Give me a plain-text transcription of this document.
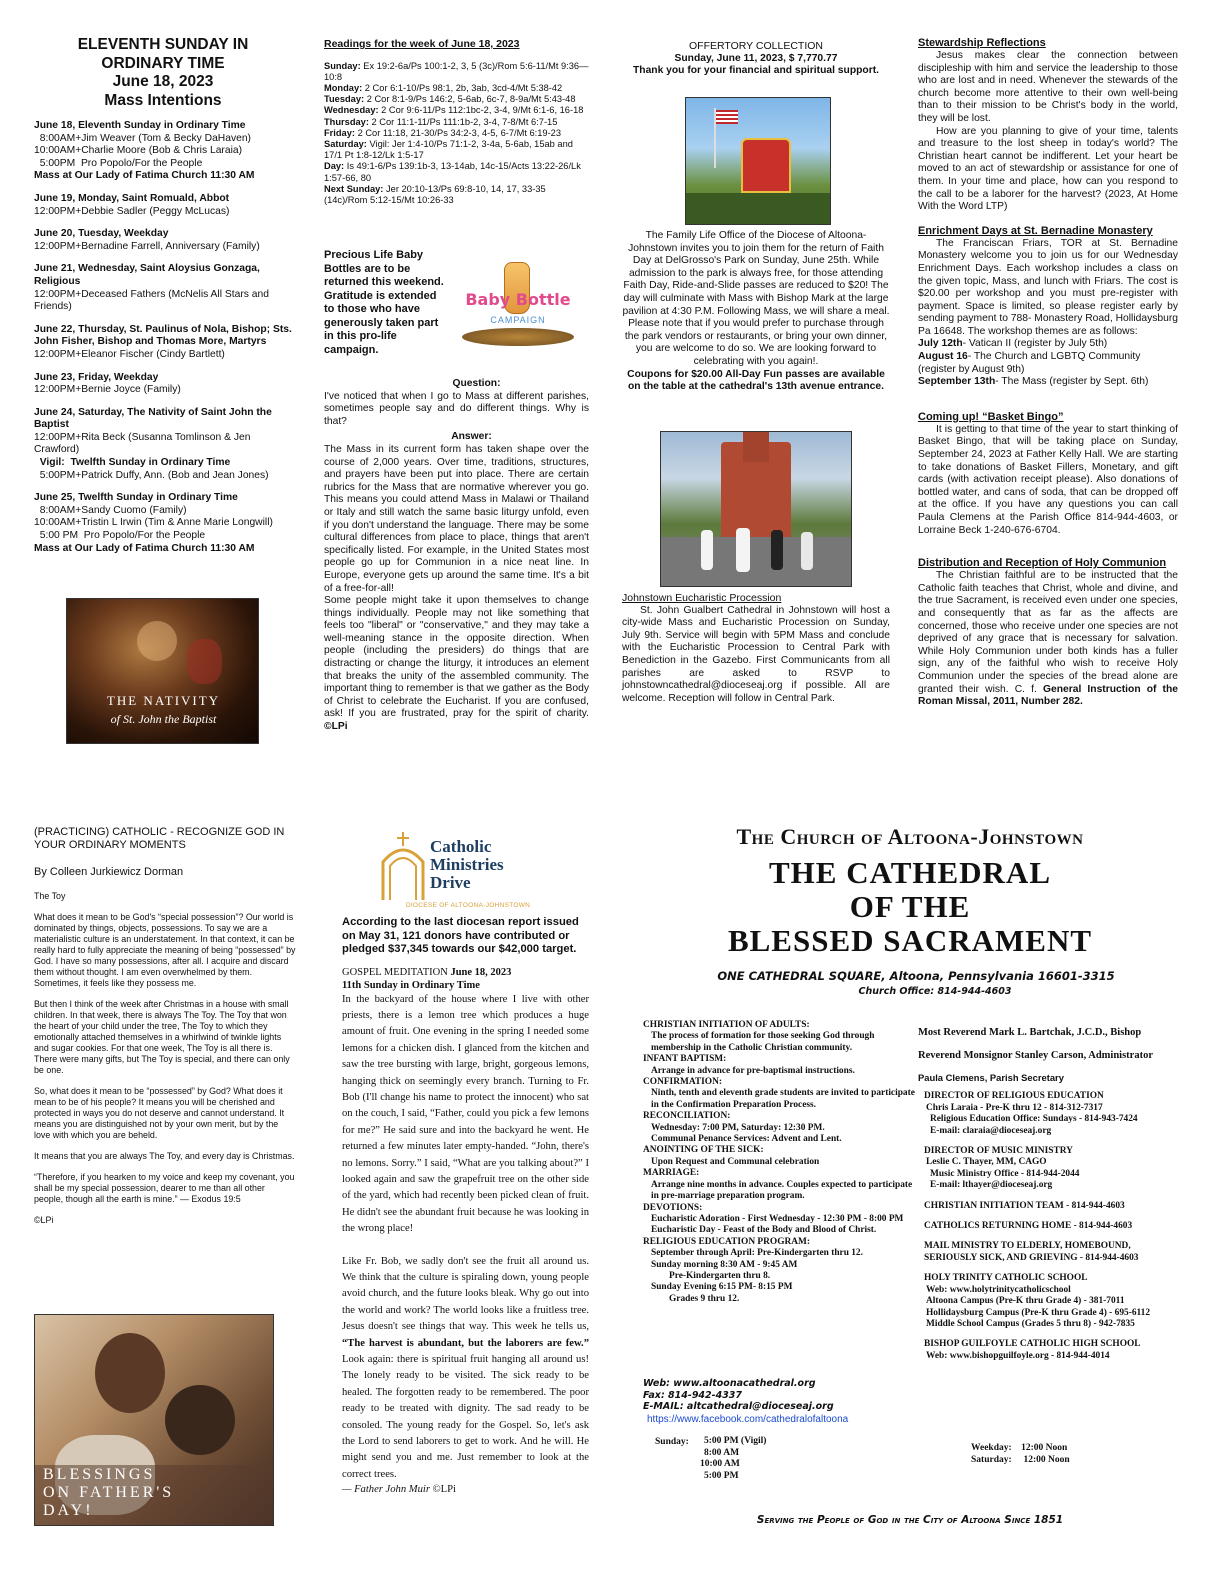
ELEVENTH SUNDAY IN
ORDINARY TIME
June 18, 2023
Mass Intentions
June 18, Eleventh Sunday in Ordinary Time
8:00AM+Jim Weaver (Tom & Becky DaHaven)
10:00AM+Charlie Moore (Bob & Chris Laraia)
5:00PM  Pro Popolo/For the People
Mass at Our Lady of Fatima Church 11:30 AM
June 19, Monday, Saint Romuald, Abbot
12:00PM+Debbie Sadler (Peggy McLucas)
June 20, Tuesday, Weekday
12:00PM+Bernadine Farrell, Anniversary (Family)
June 21, Wednesday, Saint Aloysius Gonzaga, Religious
12:00PM+Deceased Fathers (McNelis All Stars and Friends)
June 22, Thursday, St. Paulinus of Nola, Bishop; Sts. John Fisher, Bishop and Thomas More, Martyrs
12:00PM+Eleanor Fischer (Cindy Bartlett)
June 23, Friday, Weekday
12:00PM+Bernie Joyce (Family)
June 24, Saturday, The Nativity of Saint John the Baptist
12:00PM+Rita Beck (Susanna Tomlinson & Jen Crawford)
Vigil:  Twelfth Sunday in Ordinary Time
5:00PM+Patrick Duffy, Ann. (Bob and Jean Jones)
June 25, Twelfth Sunday in Ordinary Time
8:00AM+Sandy Cuomo (Family)
10:00AM+Tristin L Irwin (Tim & Anne Marie Longwill)
5:00 PM  Pro Popolo/For the People
Mass at Our Lady of Fatima Church 11:30 AM
THE NATIVITY
of St. John the Baptist
Readings for the week of June 18, 2023
Sunday: Ex 19:2-6a/Ps 100:1-2, 3, 5 (3c)/Rom 5:6-11/Mt 9:36—10:8
Monday: 2 Cor 6:1-10/Ps 98:1, 2b, 3ab, 3cd-4/Mt 5:38-42
Tuesday: 2 Cor 8:1-9/Ps 146:2, 5-6ab, 6c-7, 8-9a/Mt 5:43-48
Wednesday: 2 Cor 9:6-11/Ps 112:1bc-2, 3-4, 9/Mt 6:1-6, 16-18
Thursday: 2 Cor 11:1-11/Ps 111:1b-2, 3-4, 7-8/Mt 6:7-15
Friday: 2 Cor 11:18, 21-30/Ps 34:2-3, 4-5, 6-7/Mt 6:19-23
Saturday: Vigil: Jer 1:4-10/Ps 71:1-2, 3-4a, 5-6ab, 15ab and 17/1 Pt 1:8-12/Lk 1:5-17
Day: Is 49:1-6/Ps 139:1b-3, 13-14ab, 14c-15/Acts 13:22-26/Lk 1:57-66, 80
Next Sunday: Jer 20:10-13/Ps 69:8-10, 14, 17, 33-35 (14c)/Rom 5:12-15/Mt 10:26-33
Precious Life Baby Bottles are to be returned this weekend. Gratitude is extended to those who have generously taken part in this pro-life campaign.
Baby Bottle
CAMPAIGN
Question:
I've noticed that when I go to Mass at different parishes, sometimes people say and do different things. Why is that?
Answer:
The Mass in its current form has taken shape over the course of 2,000 years. Over time, traditions, structures, and prayers have been put into place. There are certain rubrics for the Mass that are normative wherever you go. This means you could attend Mass in Malawi or Thailand or Italy and still watch the same basic liturgy unfold, even if you don't understand the language. There may be some cultural differences from place to place, things that aren't specifically listed. For example, in the United States most people go up for Communion in a nice neat line. In Europe, everyone gets up around the same time. It's a bit of a free-for-all!
Some people might take it upon themselves to change things individually. People may not like something that feels too "liberal" or "conservative," and they may take a well-meaning stance in the opposite direction. When people (including the presiders) do things that are distracting or change the liturgy, it introduces an element that breaks the unity of the assembled community. The important thing to remember is that we gather as the Body of Christ to celebrate the Eucharist. If you are confused, ask! If you are frustrated, pray for the spirit of charity. ©LPi
OFFERTORY COLLECTION
Sunday, June 11, 2023, $ 7,770.77
Thank you for your financial and spiritual support.
The Family Life Office of the Diocese of Altoona-Johnstown invites you to join them for the return of Faith Day at DelGrosso's Park on Sunday, June 25th. While admission to the park is always free, for those attending Faith Day, Ride-and-Slide passes are reduced to $20! The day will culminate with Mass with Bishop Mark at the large pavilion at 4:30 P.M. Following Mass, we will share a meal. Please note that if you would prefer to purchase through the park vendors or restaurants, or bring your own dinner, you are welcome to do so. We are looking forward to celebrating with you again!.
Coupons for $20.00 All-Day Fun passes are available on the table at the cathedral's 13th avenue entrance.
Johnstown Eucharistic Procession
St. John Gualbert Cathedral in Johnstown will host a city-wide Mass and Eucharistic Procession on Sunday, July 9th. Service will begin with 5PM Mass and conclude with the Eucharistic Procession to Central Park with Benediction in the Gazebo. First Communicants from all parishes are asked to RSVP to johnstowncathedral@dioceseaj.org if possible. All are welcome. Reception will follow in Central Park.
Stewardship Reflections
Jesus makes clear the connection between discipleship with him and service the leadership to those who are lost and in need. Whenever the stewards of the church become more attentive to their own well-being than to their mission to be Christ's body in the world, they will be lost.
How are you planning to give of your time, talents and treasure to the lost sheep in today's world? The Christian heart cannot be indifferent. Let your heart be moved to an act of stewardship or assistance for one of them. In your time and place, how can you respond to the call to be a laborer for the harvest? (2023, At Home With the Word LTP)
Enrichment Days at St. Bernadine Monastery
The Franciscan Friars, TOR at St. Bernadine Monastery welcome you to join us for our Wednesday Enrichment Days. Each workshop includes a class on the given topic, Mass, and lunch with Friars. The cost is $20.00 per workshop and you must pre-register with payment. Space is limited, so please register early by sending payment to 788- Monastery Road, Hollidaysburg Pa 16648. The workshop themes are as follows:
July 12th- Vatican II (register by July 5th)
August 16- The Church and LGBTQ Community (register by August 9th)
September 13th- The Mass (register by Sept. 6th)
Coming up! “Basket Bingo”
It is getting to that time of the year to start thinking of Basket Bingo, that will be taking place on Sunday, September 24, 2023 at Father Kelly Hall. We are starting to take donations of Basket Fillers, Monetary, and gift cards (with activation receipt please). Also donations of bottled water, and cans of soda, that can be dropped off at the office. If you have any questions you can call Paula Clemens at the Parish Office 814-944-4603, or Lorraine Beck 1-240-676-6704.
Distribution and Reception of Holy Communion
The Christian faithful are to be instructed that the Catholic faith teaches that Christ, whole and divine, and the true Sacrament, is received even under one species, and consequently that as far as the affects are concerned, those who receive under one species are not deprived of any grace that is necessary for salvation. While Holy Communion under both kinds has a fuller sign, any of the faithful who wish to receive Holy Communion under the species of the bread alone are granted their wish. C. f. General Instruction of the Roman Missal, 2011, Number 282.
(PRACTICING) CATHOLIC - RECOGNIZE GOD IN YOUR ORDINARY MOMENTS
By Colleen Jurkiewicz Dorman
The Toy
What does it mean to be God's “special possession”? Our world is dominated by things, objects, possessions. To say we are a materialistic culture is an understatement. In that context, it can be really hard to fully appreciate the meaning of being “possessed” by God. I have so many possessions, after all. I acquire and discard them without thought. I am even overwhelmed by them. Sometimes, it feels like they possess me.
But then I think of the week after Christmas in a house with small children. In that week, there is always The Toy. The Toy that won the heart of your child under the tree, The Toy to which they emotionally attached themselves in a whirlwind of twinkle lights and sugar cookies. For that one week, The Toy is all there is. There were many gifts, but The Toy is special, and there can only be one.
So, what does it mean to be “possessed” by God? What does it mean to be of his people? It means you will be cherished and protected in ways you do not deserve and cannot understand. It means you are distinguished not by your own merit, but by the love with which you are beheld.
It means that you are always The Toy, and every day is Christmas.
“Therefore, if you hearken to my voice and keep my covenant, you shall be my special possession, dearer to me than all other people, though all the earth is mine.” — Exodus 19:5
©LPi
BLESSINGS
ON FATHER'S
DAY!
Catholic
Ministries
Drive
DIOCESE OF ALTOONA-JOHNSTOWN
According to the last diocesan report issued on May 31, 121 donors have contributed or pledged $37,345 towards our $42,000 target.
GOSPEL MEDITATION June 18, 2023
11th Sunday in Ordinary Time
In the backyard of the house where I live with other priests, there is a lemon tree which produces a huge amount of fruit. One evening in the spring I needed some lemons for a chicken dish. I glanced from the kitchen and saw the tree bursting with large, bright, gorgeous lemons, hanging thick on seemingly every branch. Turning to Fr. Bob (I'll change his name to protect the innocent) who sat on the couch, I said, “Father, could you pick a few lemons for me?” He said sure and into the backyard he went. He returned a few minutes later empty-handed. “John, there's no lemons. Sorry.” I said, “What are you talking about?” I looked again and saw the grapefruit tree on the other side of the yard, which had recently been picked clean of fruit. He didn't see the abundant fruit because he was looking in the wrong place!
Like Fr. Bob, we sadly don't see the fruit all around us. We think that the culture is spiraling down, young people avoid church, and the future looks bleak. Why go out into the world and work? The world looks like a fruitless tree. Jesus doesn't see things that way. This week he tells us, “The harvest is abundant, but the laborers are few.” Look again: there is spiritual fruit hanging all around us! The lonely ready to be visited. The sick ready to be healed. The forgotten ready to be remembered. The poor ready to be treated with dignity. The sad ready to be consoled. The young ready for the Gospel. So, let's ask the Lord to send laborers to get to work. And he will. He might send you and me. Just remember to look at the correct trees.
— Father John Muir ©LPi
The Church of Altoona-Johnstown
THE CATHEDRAL
OF THE
BLESSED SACRAMENT
ONE CATHEDRAL SQUARE, Altoona, Pennsylvania 16601-3315
Church Office: 814-944-4603
CHRISTIAN INITIATION OF ADULTS:
The process of formation for those seeking God through membership in the Catholic Christian community.
INFANT BAPTISM:
Arrange in advance for pre-baptismal instructions.
CONFIRMATION:
Ninth, tenth and eleventh grade students are invited to participate in the Confirmation Preparation Process.
RECONCILIATION:
Wednesday: 7:00 PM, Saturday: 12:30 PM.
Communal Penance Services: Advent and Lent.
ANOINTING OF THE SICK:
Upon Request and Communal celebration
MARRIAGE:
Arrange nine months in advance. Couples expected to participate in pre-marriage preparation program.
DEVOTIONS:
Eucharistic Adoration - First Wednesday - 12:30 PM - 8:00 PM
Eucharistic Day - Feast of the Body and Blood of Christ.
RELIGIOUS EDUCATION PROGRAM:
September through April: Pre-Kindergarten thru 12.
Sunday morning 8:30 AM - 9:45 AM
Pre-Kindergarten thru 8.
Sunday Evening 6:15 PM- 8:15 PM
Grades 9 thru 12.
Most Reverend Mark L. Bartchak, J.C.D., Bishop
Reverend Monsignor Stanley Carson, Administrator
Paula Clemens, Parish Secretary
DIRECTOR OF RELIGIOUS EDUCATION
Chris Laraia - Pre-K thru 12 - 814-312-7317
Religious Education Office: Sundays - 814-943-7424
E-mail: claraia@dioceseaj.org
DIRECTOR OF MUSIC MINISTRY
Leslie C. Thayer, MM, CAGO
Music Ministry Office - 814-944-2044
E-mail: lthayer@dioceseaj.org
CHRISTIAN INITIATION TEAM - 814-944-4603
CATHOLICS RETURNING HOME - 814-944-4603
MAIL MINISTRY TO ELDERLY, HOMEBOUND, SERIOUSLY SICK, AND GRIEVING - 814-944-4603
HOLY TRINITY CATHOLIC SCHOOL
Web: www.holytrinitycatholicschool
Altoona Campus (Pre-K thru Grade 4) - 381-7011
Hollidaysburg Campus (Pre-K thru Grade 4) - 695-6112
Middle School Campus (Grades 5 thru 8) - 942-7835
BISHOP GUILFOYLE CATHOLIC HIGH SCHOOL
Web: www.bishopguilfoyle.org - 814-944-4014
Web: www.altoonacathedral.org
Fax: 814-942-4337
E-MAIL: altcathedral@dioceseaj.org
https://www.facebook.com/cathedralofaltoona
Sunday:	5:00 PM (Vigil)
8:00 AM
10:00 AM
5:00 PM
Weekday:    12:00 Noon
Saturday:     12:00 Noon
Serving the People of God in the City of Altoona Since 1851
